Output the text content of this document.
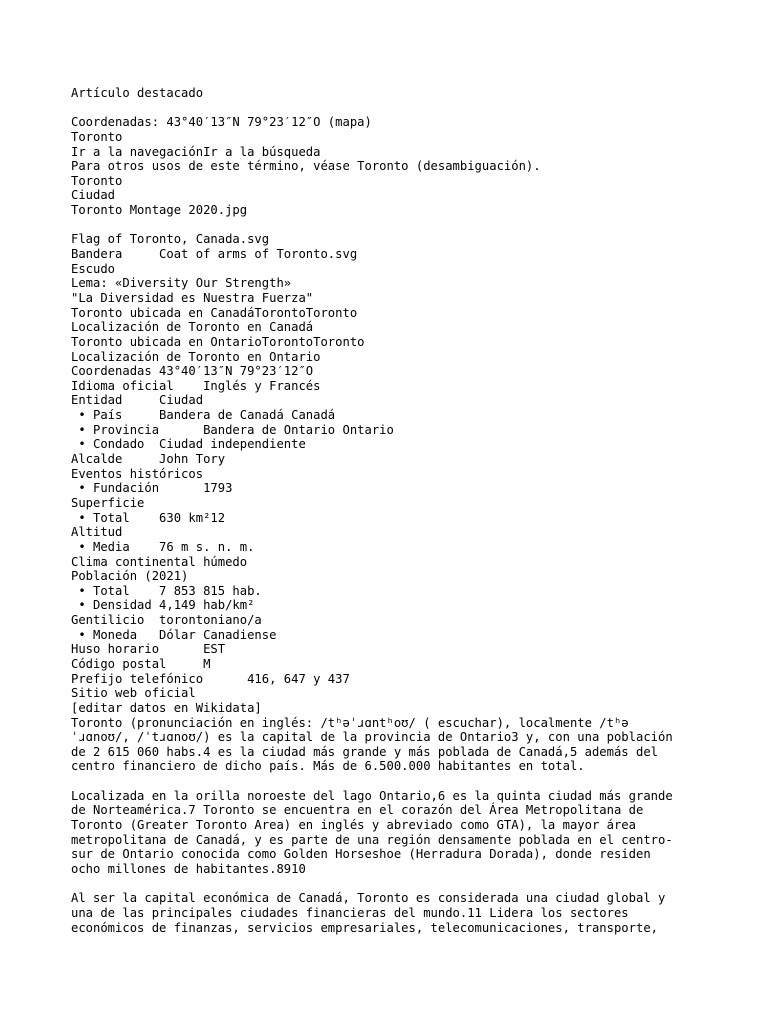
Artículo destacado
Coordenadas: 43°40′13″N 79°23′12″O (mapa)
Toronto
Ir a la navegaciónIr a la búsqueda
Para otros usos de este término, véase Toronto (desambiguación).
Toronto
Ciudad
Toronto Montage 2020.jpg
Flag of Toronto, Canada.svg
Bandera     Coat of arms of Toronto.svg
Escudo
Lema: «Diversity Our Strength»
"La Diversidad es Nuestra Fuerza"
Toronto ubicada en CanadáTorontoToronto
Localización de Toronto en Canadá
Toronto ubicada en OntarioTorontoToronto
Localización de Toronto en Ontario
Coordenadas 43°40′13″N 79°23′12″O
Idioma oficial    Inglés y Francés
Entidad     Ciudad
• País     Bandera de Canadá Canadá
• Provincia      Bandera de Ontario Ontario
• Condado  Ciudad independiente
Alcalde     John Tory
Eventos históricos
• Fundación      1793
Superficie
• Total    630 km²12
Altitud
• Media    76 m s. n. m.
Clima continental húmedo
Población (2021)
• Total    7 853 815 hab.
• Densidad 4,149 hab/km²
Gentilicio  torontoniano/a
• Moneda   Dólar Canadiense
Huso horario      EST
Código postal     M
Prefijo telefónico      416, 647 y 437
Sitio web oficial
[editar datos en Wikidata]
Toronto (pronunciación en inglés: /tʰəˈɹɑntʰoʊ/ ( escuchar), localmente /tʰə
ˈɹɑnoʊ/, /ˈtɹɑnoʊ/) es la capital de la provincia de Ontario3 y, con una población
de 2 615 060 habs.4 es la ciudad más grande y más poblada de Canadá,5 además del
centro financiero de dicho país. Más de 6.500.000 habitantes en total.
Localizada en la orilla noroeste del lago Ontario,6 es la quinta ciudad más grande
de Norteamérica.7 Toronto se encuentra en el corazón del Área Metropolitana de
Toronto (Greater Toronto Area) en inglés y abreviado como GTA), la mayor área
metropolitana de Canadá, y es parte de una región densamente poblada en el centro-
sur de Ontario conocida como Golden Horseshoe (Herradura Dorada), donde residen
ocho millones de habitantes.8910
Al ser la capital económica de Canadá, Toronto es considerada una ciudad global y
una de las principales ciudades financieras del mundo.11 Lidera los sectores
económicos de finanzas, servicios empresariales, telecomunicaciones, transporte,
